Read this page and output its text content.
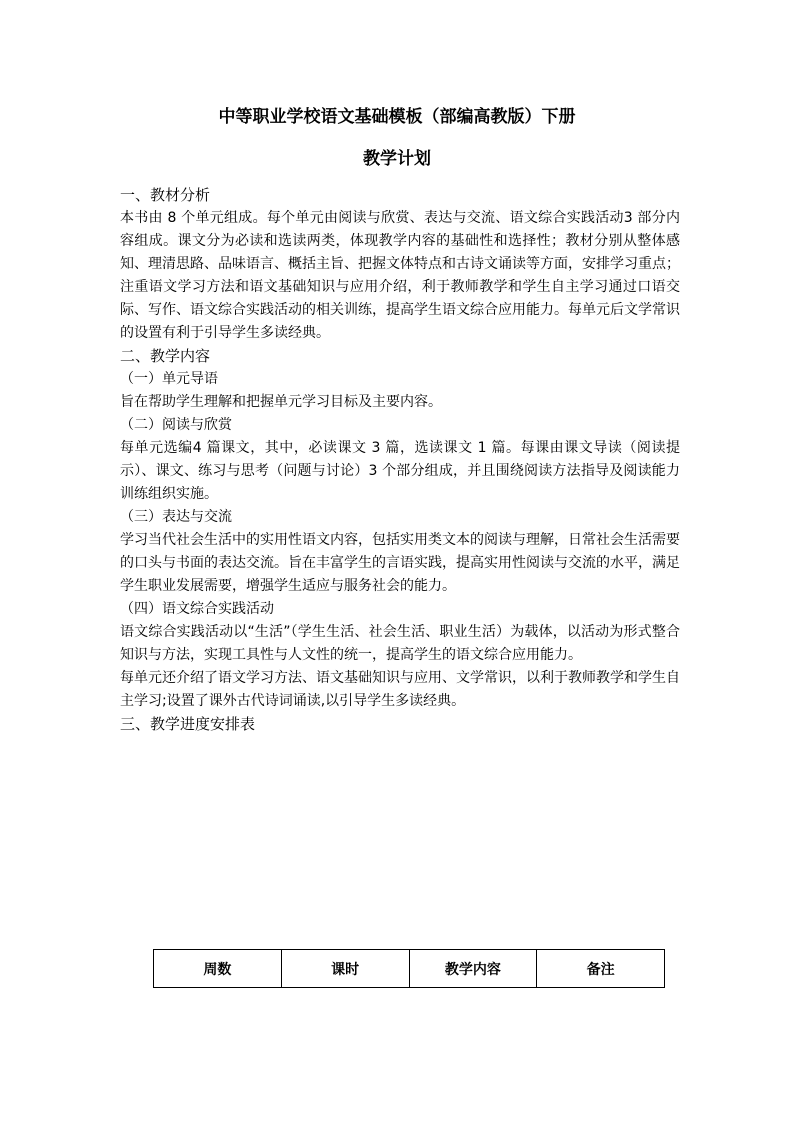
中等职业学校语文基础模板（部编高教版）下册
教学计划

一、教材分析

本书由 8 个单元组成。每个单元由阅读与欣赏、表达与交流、语文综合实践活动3 部分内容组成。课文分为必读和选读两类，体现教学内容的基础性和选择性；教材分别从整体感知、理清思路、品味语言、概括主旨、把握文体特点和古诗文诵读等方面，安排学习重点；注重语文学习方法和语文基础知识与应用介绍，利于教师教学和学生自主学习通过口语交际、写作、语文综合实践活动的相关训练，提高学生语文综合应用能力。每单元后文学常识的设置有利于引导学生多读经典。

二、教学内容

（一）单元导语

旨在帮助学生理解和把握单元学习目标及主要内容。

（二）阅读与欣赏

每单元选编4 篇课文，其中，必读课文 3 篇，选读课文 1 篇。每课由课文导读（阅读提示）、课文、练习与思考（问题与讨论）3 个部分组成，并且围绕阅读方法指导及阅读能力训练组织实施。

（三）表达与交流

学习当代社会生活中的实用性语文内容，包括实用类文本的阅读与理解，日常社会生活需要的口头与书面的表达交流。旨在丰富学生的言语实践，提高实用性阅读与交流的水平，满足学生职业发展需要，增强学生适应与服务社会的能力。

（四）语文综合实践活动

语文综合实践活动以“生活”（学生生活、社会生活、职业生活）为载体，以活动为形式整合知识与方法，实现工具性与人文性的统一，提高学生的语文综合应用能力。

每单元还介绍了语文学习方法、语文基础知识与应用、文学常识，以利于教师教学和学生自主学习;设置了课外古代诗词诵读,以引导学生多读经典。

三、教学进度安排表

周数	课时	教学内容	备注
